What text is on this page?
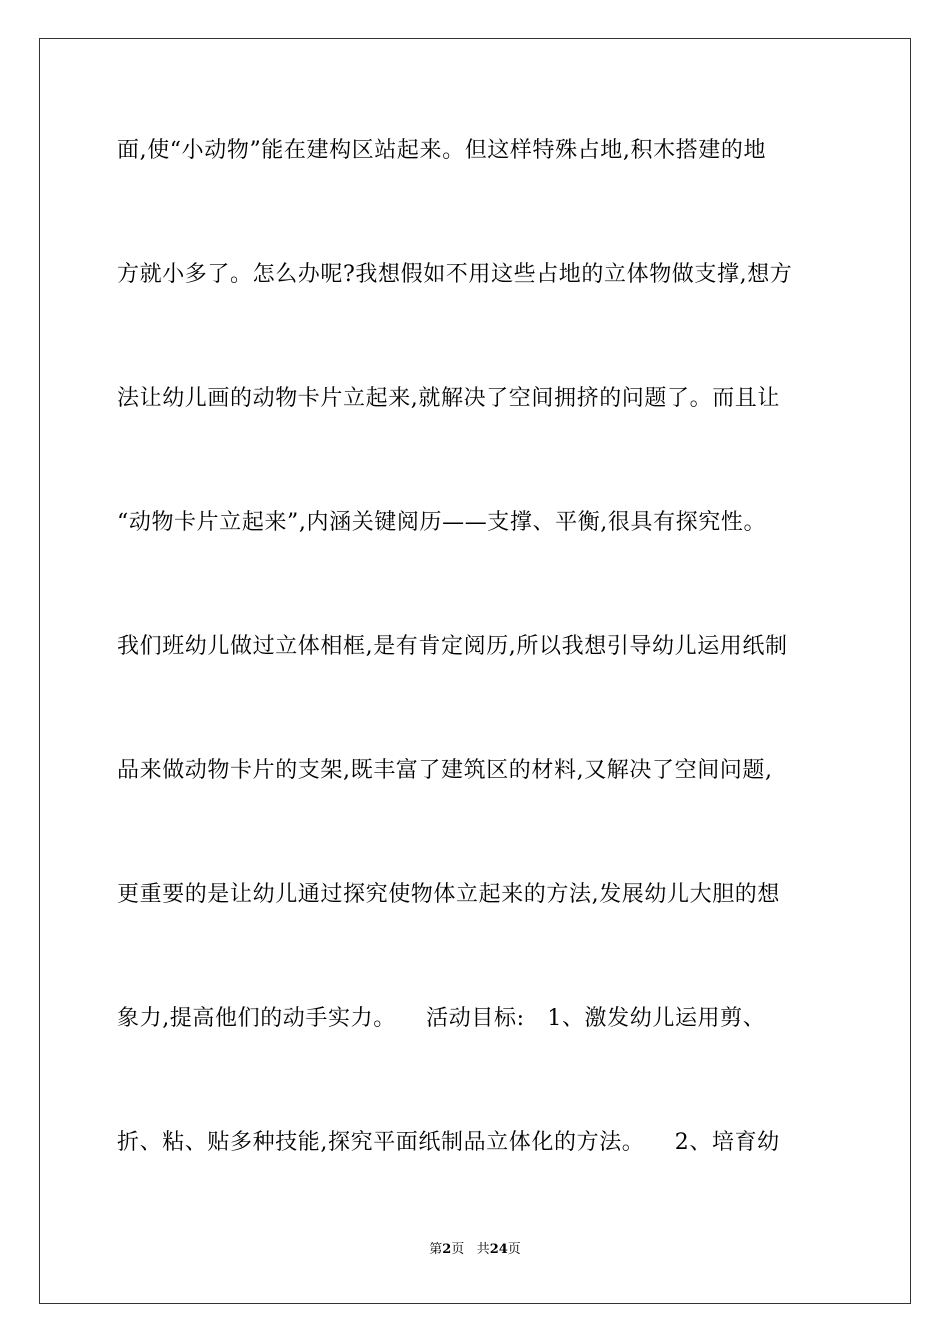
面,使“小动物”能在建构区站起来。但这样特殊占地,积木搭建的地
方就小多了。怎么办呢?我想假如不用这些占地的立体物做支撑,想方
法让幼儿画的动物卡片立起来,就解决了空间拥挤的问题了。而且让
“动物卡片立起来”,内涵关键阅历——支撑、平衡,很具有探究性。
我们班幼儿做过立体相框,是有肯定阅历,所以我想引导幼儿运用纸制
品来做动物卡片的支架,既丰富了建筑区的材料,又解决了空间问题,
更重要的是让幼儿通过探究使物体立起来的方法,发展幼儿大胆的想
象力,提高他们的动手实力。    活动目标:   1、激发幼儿运用剪、
折、粘、贴多种技能,探究平面纸制品立体化的方法。    2、培育幼
第2页 共24页
